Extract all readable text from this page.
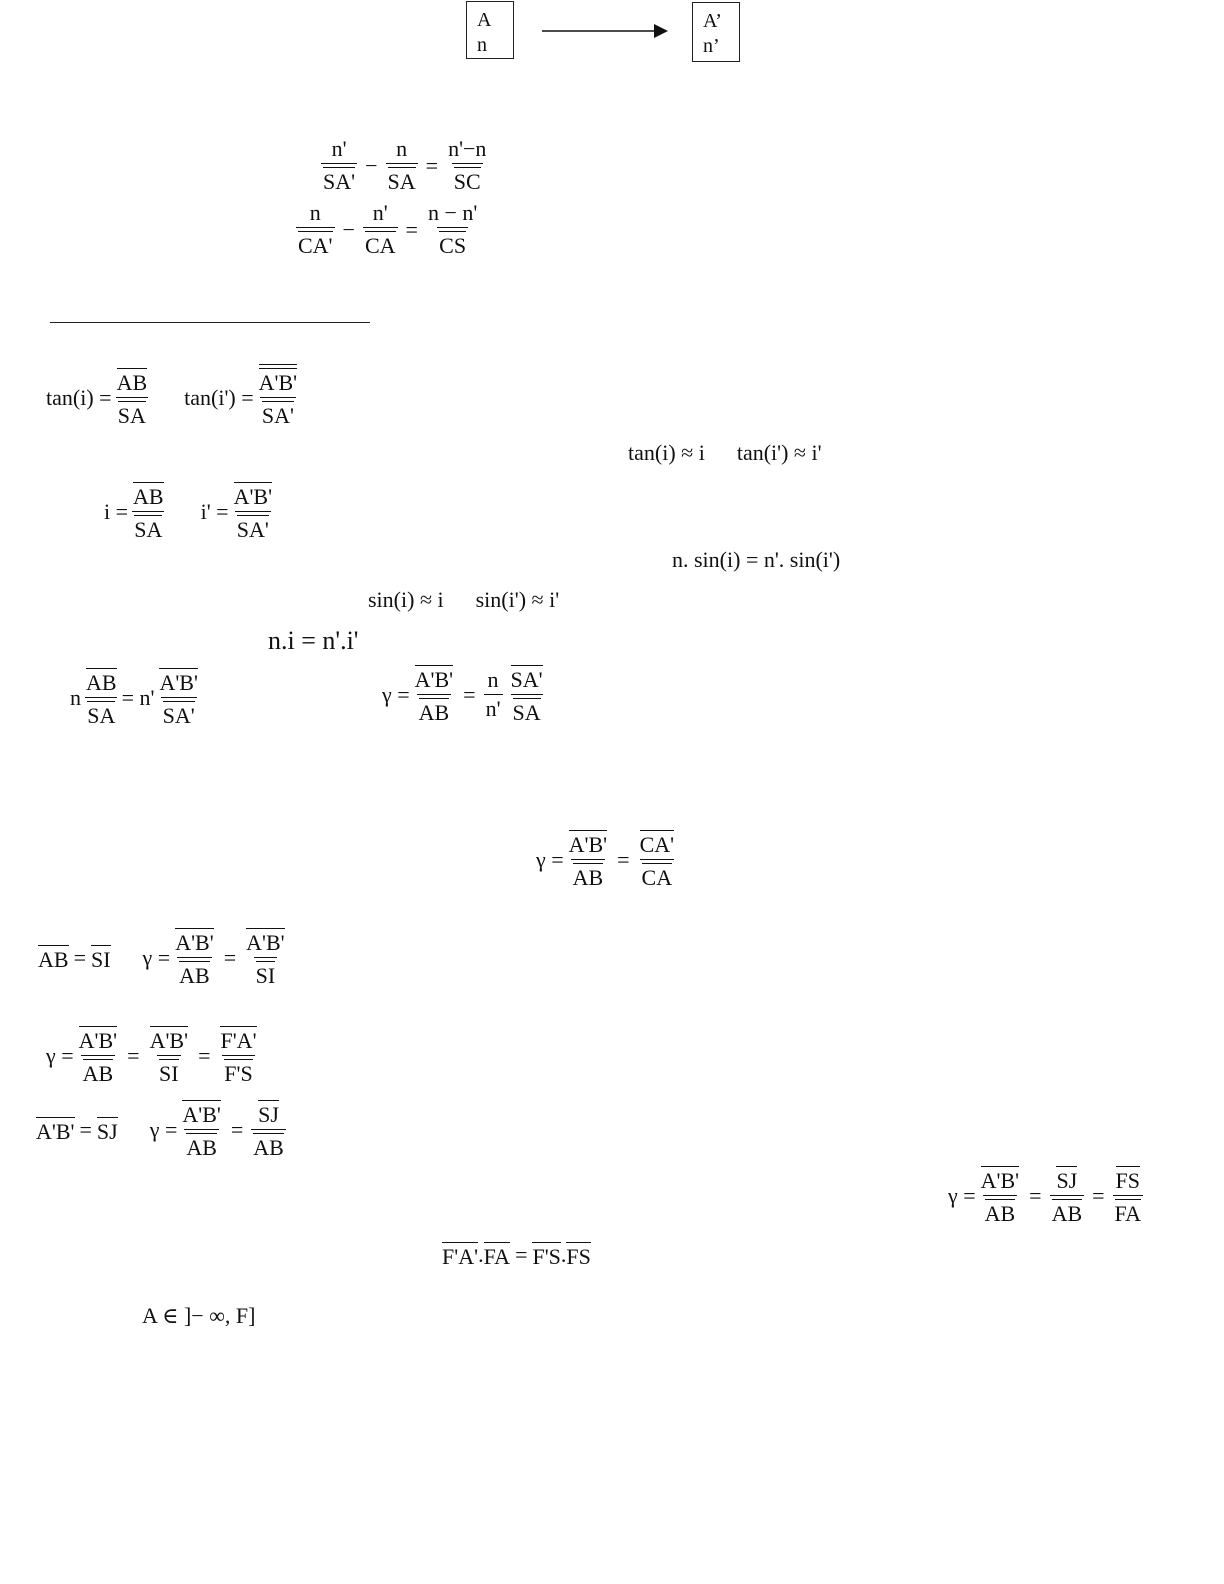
A
n
A’
n’
$\frac{n'}{SA'} - \frac{n}{SA} = \frac{n'-n}{SC}$
$\frac{n}{CA'} - \frac{n'}{CA} = \frac{n - n'}{CS}$
$\tan(i) = \frac{AB}{SA} \tan(i') = \frac{A'B'}{SA'}$
tan(i) ≈ i tan(i') ≈ i'
$i = \frac{AB}{SA} i' = \frac{A'B'}{SA'}$
n. sin(i) = n'. sin(i')
sin(i) ≈ i sin(i') ≈ i'
n.i = n'.i'
n $\frac{AB}{SA} = n' \frac{A'B'}{SA'}$	$\gamma = \frac{A'B'}{AB} = \frac{n}{n'} \frac{SA'}{SA}$
$\gamma = \frac{A'B'}{AB} = \frac{CA'}{CA}$
AB = SI $\gamma = \frac{A'B'}{AB} = \frac{A'B'}{SI}$
$\gamma = \frac{A'B'}{AB} = \frac{A'B'}{SI} = \frac{F'A'}{F'S}$
A'B' = SJ $\gamma = \frac{A'B'}{AB} = \frac{SJ}{AB}$
$\gamma = \frac{A'B'}{AB} = \frac{SJ}{AB} = \frac{FS}{FA}$
F'A' . FA = F'S . FS
A ∈ ]− ∞, F]
